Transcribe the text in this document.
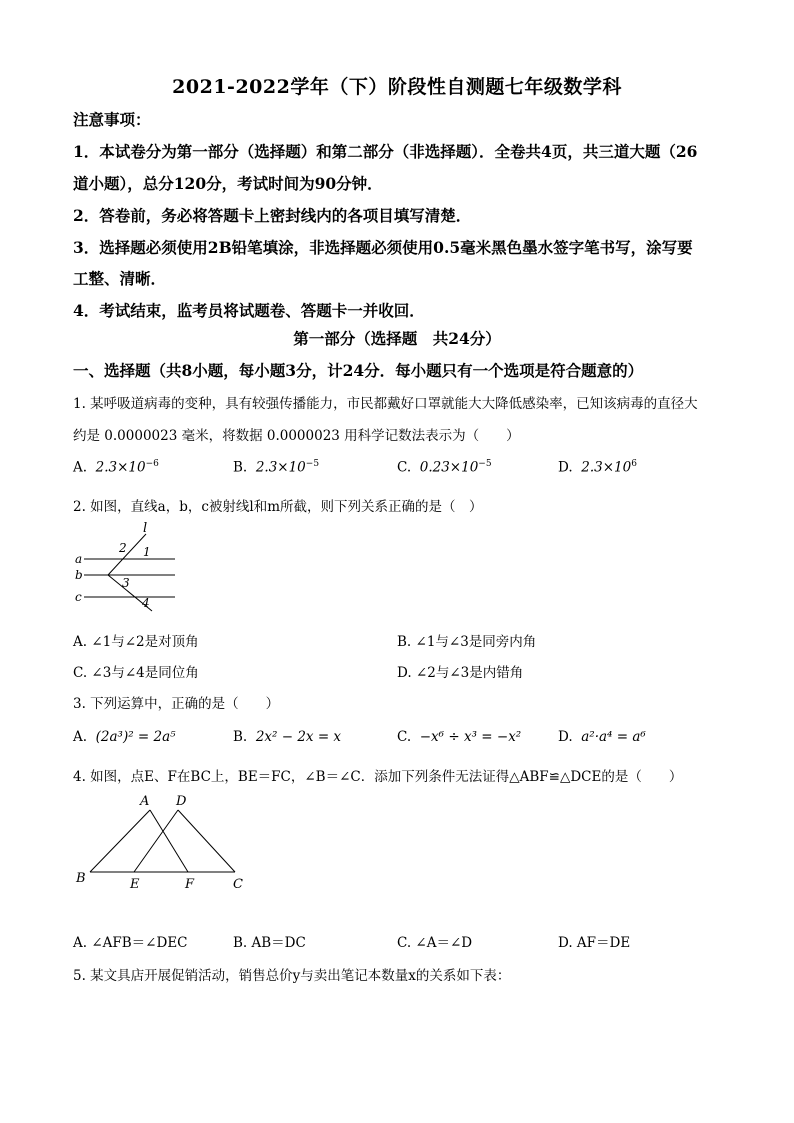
2021-2022学年（下）阶段性自测题七年级数学科
注意事项：
1．本试卷分为第一部分（选择题）和第二部分（非选择题）．全卷共4页，共三道大题（26
道小题），总分120分，考试时间为90分钟．
2．答卷前，务必将答题卡上密封线内的各项目填写清楚．
3．选择题必须使用2B铅笔填涂，非选择题必须使用0.5毫米黑色墨水签字笔书写，涂写要
工整、清晰．
4．考试结束，监考员将试题卷、答题卡一并收回．
第一部分（选择题　共24分）
一、选择题（共8小题，每小题3分，计24分．每小题只有一个选项是符合题意的）
1. 某呼吸道病毒的变种，具有较强传播能力，市民都戴好口罩就能大大降低感染率，已知该病毒的直径大
约是 0.0000023 毫米，将数据 0.0000023 用科学记数法表示为（　　）
A. $2.3\times 10^{-6}$	B. $2.3\times 10^{-5}$	C. $0.23\times 10^{-5}$	D. $2.3\times 10^6$
2. 如图，直线a，b，c被射线l和m所截，则下列关系正确的是（　）
l
a
b
c
1
2
3
4
A. ∠1与∠2是对顶角	B. ∠1与∠3是同旁内角
C. ∠3与∠4是同位角	D. ∠2与∠3是内错角
3. 下列运算中，正确的是（　　）
A. (2a³)² = 2a⁵	B. 2x² − 2x = x	C. −x⁶ ÷ x³ = −x²	D. a²·a⁴ = a⁶
4. 如图，点E、F在BC上，BE＝FC，∠B＝∠C．添加下列条件无法证得△ABF≌△DCE的是（　　）
A D
B	E	F	C
A. ∠AFB＝∠DEC	B. AB＝DC	C. ∠A＝∠D	D. AF＝DE
5. 某文具店开展促销活动，销售总价y与卖出笔记本数量x的关系如下表：
